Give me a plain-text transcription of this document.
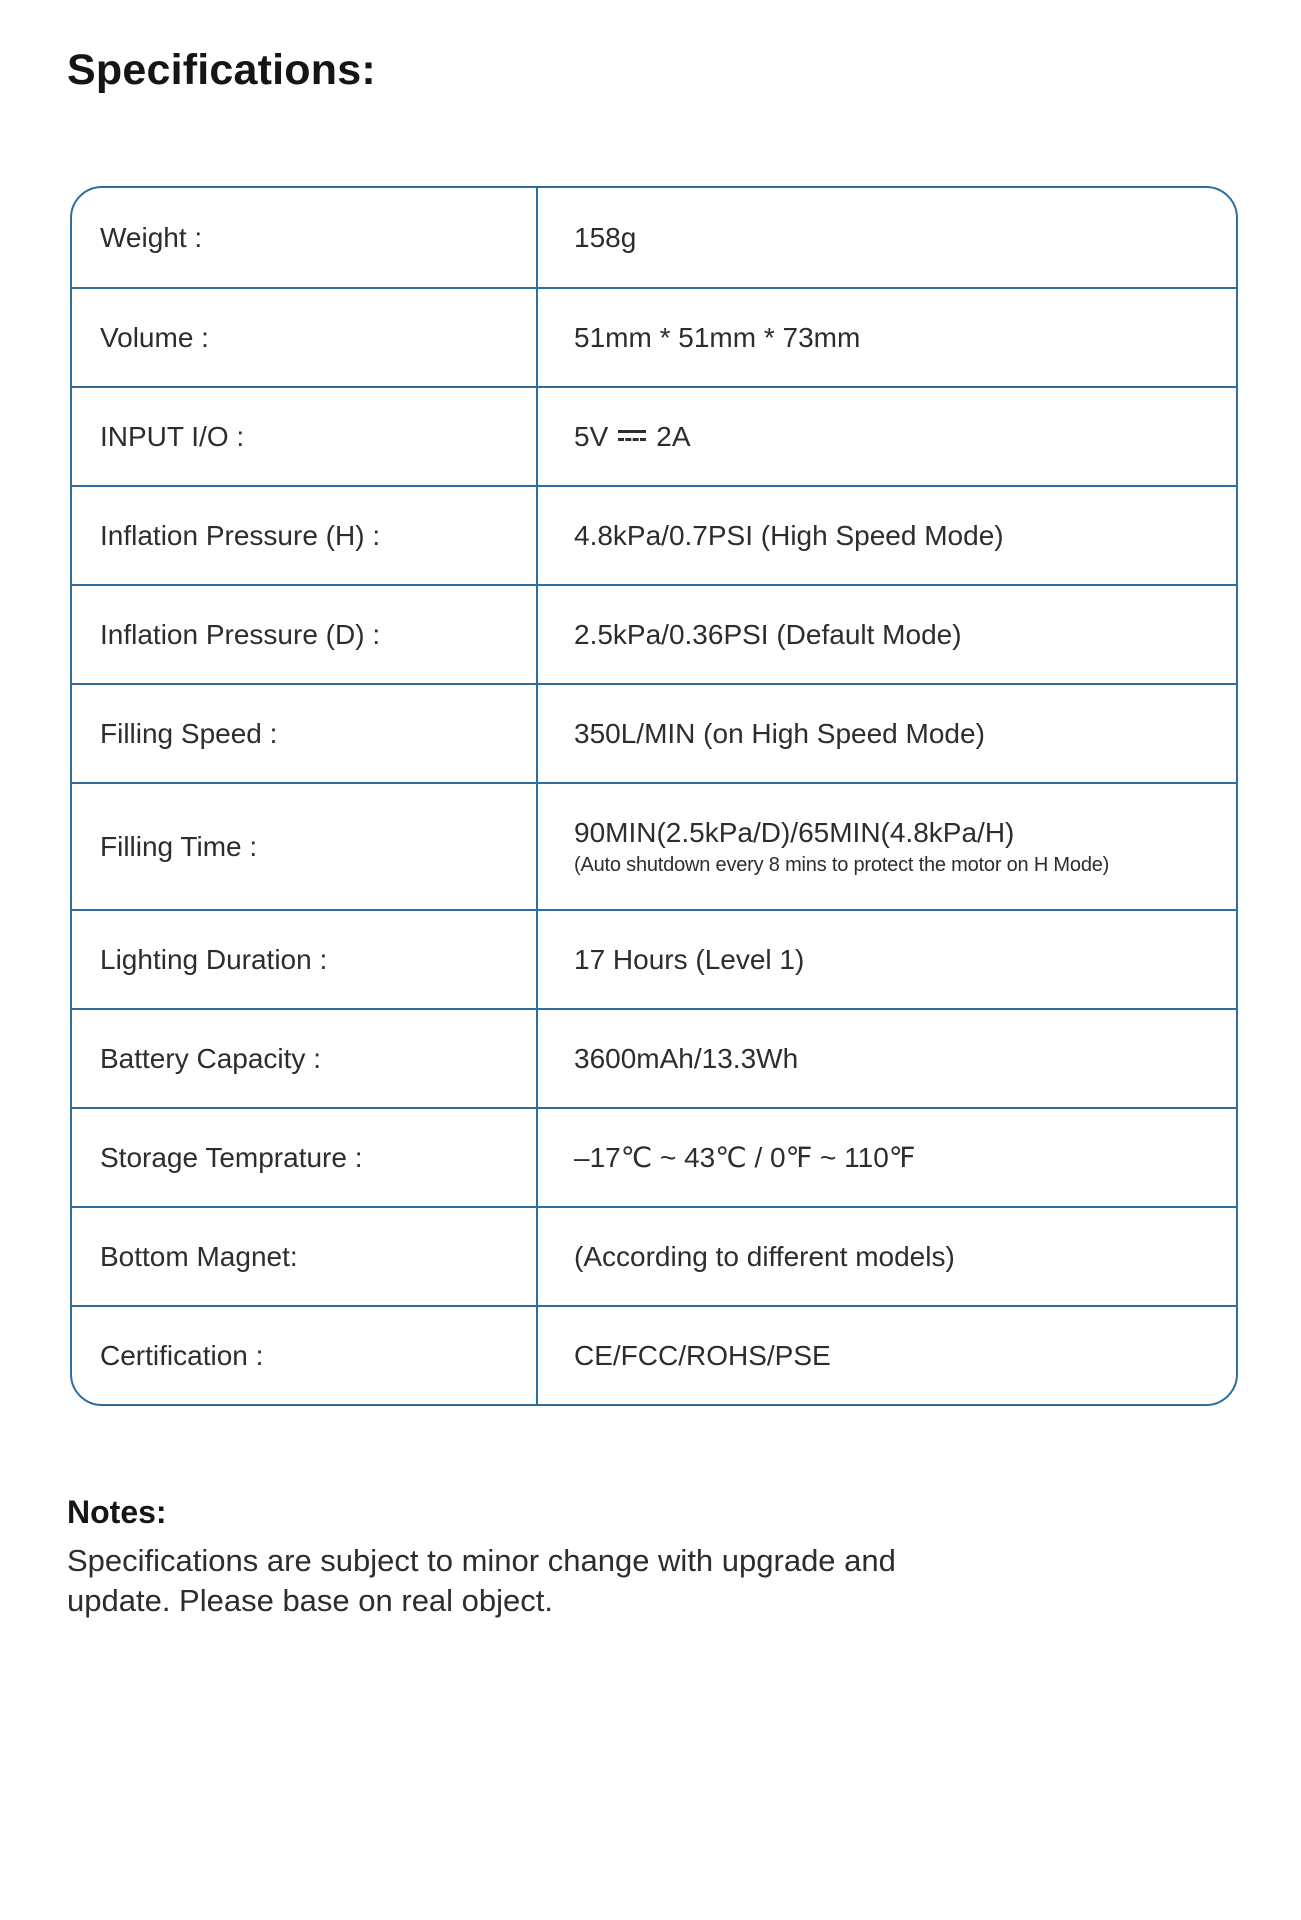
Specifications:
Weight :	158g
Volume :	51mm * 51mm * 73mm
INPUT I/O :	5V 2A
Inflation Pressure (H) :	4.8kPa/0.7PSI (High Speed Mode)
Inflation Pressure (D) :	2.5kPa/0.36PSI (Default Mode)
Filling Speed :	350L/MIN (on High Speed Mode)
Filling Time :	90MIN(2.5kPa/D)/65MIN(4.8kPa/H)
(Auto shutdown every 8 mins to protect the motor on H Mode)
Lighting Duration :	17 Hours (Level 1)
Battery Capacity :	3600mAh/13.3Wh
Storage Temprature :	–17℃ ~ 43℃ / 0℉ ~ 110℉
Bottom Magnet:	(According to different models)
Certification :	CE/FCC/ROHS/PSE
Notes:
Specifications are subject to minor change with upgrade and
update. Please base on real object.
